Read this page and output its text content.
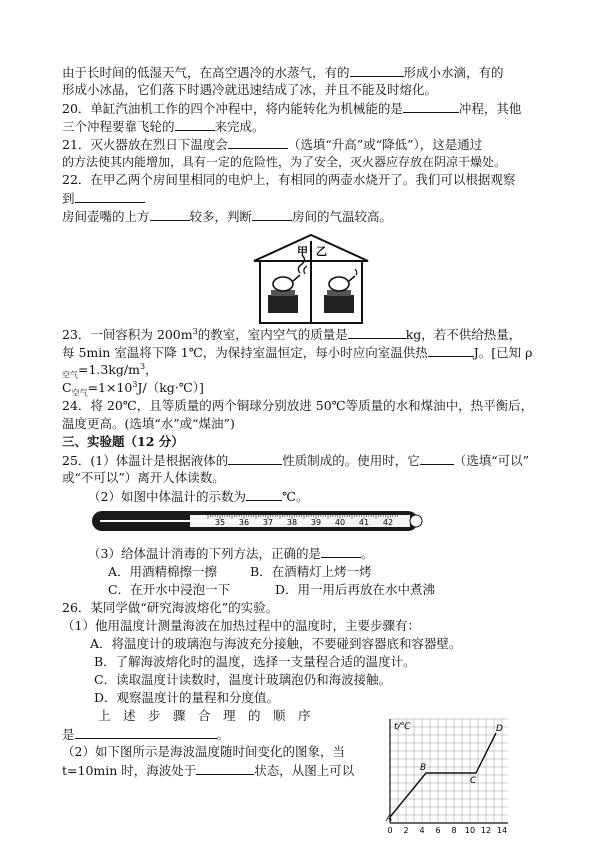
由于长时间的低湿天气，在高空遇冷的水蒸气，有的	形成小水滴，有的
形成小冰晶，它们落下时遇冷就迅速结成了冰，并且不能及时熔化。
20．单缸汽油机工作的四个冲程中，将内能转化为机械能的是	冲程，其他
三个冲程要靠飞轮的	来完成。
21．灭火器放在烈日下温度会	（选填“升高”或“降低”），这是通过
的方法使其内能增加，具有一定的危险性，为了安全，灭火器应存放在阴凉干燥处。
22．在甲乙两个房间里相同的电炉上，有相同的两壶水烧开了。我们可以根据观察
到
房间壶嘴的上方	较多，判断	房间的气温较高。
甲 乙
23．一间容积为 $200m^3$的教室，室内空气的质量是	kg，若不供给热量，
每 5min 室温将下降 1℃，为保持室温恒定，每小时应向室温供热	J。[已知 ρ
$_{空气}=1.3kg/m^3$，
$C_{空气}=1\times 10^3J/(kg\cdot℃)$]
24．将 20℃，且等质量的两个铜球分别放进 50℃等质量的水和煤油中，热平衡后，
温度更高。(选填“水”或“煤油”)
三、实验题（12 分）
25．(1）体温计是根据液体的	性质制成的。使用时，它	（选填“可以”
或“不可以”）离开人体读数。
（2）如图中体温计的示数为	℃。
35 36 37 38 39 40 41 42
（3）给体温计消毒的下列方法，正确的是	。
A．用酒精棉擦一擦	B．在酒精灯上烤一烤
C．在开水中浸泡一下	D．用一用后再放在水中煮沸
26．某同学做“研究海波熔化”的实验。
（1）他用温度计测量海波在加热过程中的温度时，主要步骤有：
A．将温度计的玻璃泡与海波充分接触，不要碰到容器底和容器壁。
B．了解海波熔化时的温度，选择一支量程合适的温度计。
C．读取温度计读数时，温度计玻璃泡仍和海波接触。
D．观察温度计的量程和分度值。
上　述　步　骤　合　理　的　顺　序
是	。
（2）如下图所示是海波温度随时间变化的图象，当
t=10min 时，海波处于	状态，从图上可以
t/℃
A
B
C
D
0 2 4 6 8 10 12 14
